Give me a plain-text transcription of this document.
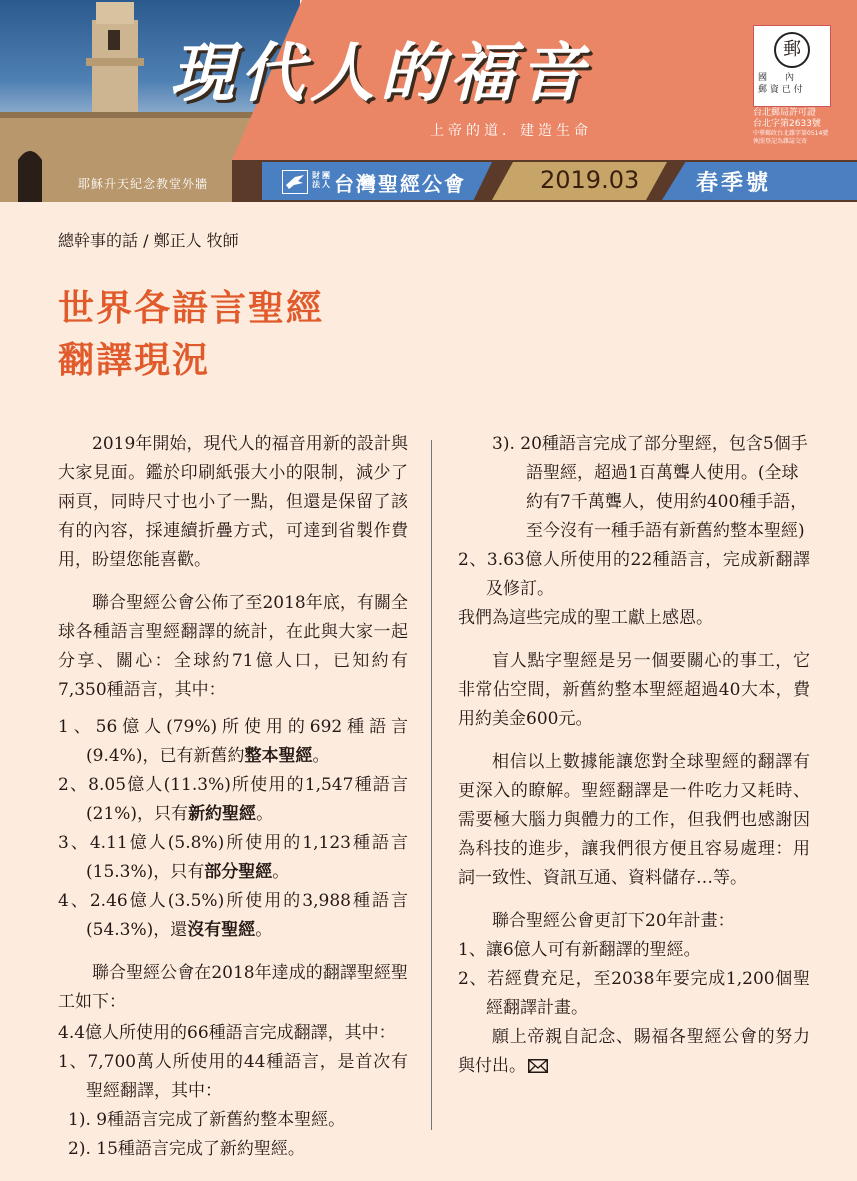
現代人的福音
上帝的道．建造生命
郵
國　　內
郵 資 已 付
台北郵局許可證
台北字第2633號
中華郵政台北雜字第0514號
執照登記為雜誌交寄
耶穌升天紀念教堂外牆
財團
法人 台灣聖經公會	2019.03	春季號
總幹事的話 / 鄭正人 牧師
世界各語言聖經
翻譯現況

2019年開始，現代人的福音用新的設計與大家見面。鑑於印刷紙張大小的限制，減少了兩頁，同時尺寸也小了一點，但還是保留了該有的內容，採連續折疊方式，可達到省製作費用，盼望您能喜歡。

聯合聖經公會公佈了至2018年底，有關全球各種語言聖經翻譯的統計，在此與大家一起分享、關心：全球約71億人口，已知約有7,350種語言，其中：

1、56億人(79%)所使用的692種語言(9.4%)，已有新舊約整本聖經。

2、8.05億人(11.3%)所使用的1,547種語言(21%)，只有新約聖經。

3、4.11億人(5.8%)所使用的1,123種語言(15.3%)，只有部分聖經。

4、2.46億人(3.5%)所使用的3,988種語言(54.3%)，還沒有聖經。

聯合聖經公會在2018年達成的翻譯聖經聖工如下：

4.4億人所使用的66種語言完成翻譯，其中：

1、7,700萬人所使用的44種語言，是首次有聖經翻譯，其中：

1). 9種語言完成了新舊約整本聖經。

2). 15種語言完成了新約聖經。

3). 20種語言完成了部分聖經，包含5個手語聖經，超過1百萬聾人使用。(全球約有7千萬聾人，使用約400種手語，至今沒有一種手語有新舊約整本聖經)

2、3.63億人所使用的22種語言，完成新翻譯及修訂。

我們為這些完成的聖工獻上感恩。

盲人點字聖經是另一個要關心的事工，它非常佔空間，新舊約整本聖經超過40大本，費用約美金600元。

相信以上數據能讓您對全球聖經的翻譯有更深入的瞭解。聖經翻譯是一件吃力又耗時、需要極大腦力與體力的工作，但我們也感謝因為科技的進步，讓我們很方便且容易處理：用詞一致性、資訊互通、資料儲存…等。

聯合聖經公會更訂下20年計畫：

1、讓6億人可有新翻譯的聖經。

2、若經費充足，至2038年要完成1,200個聖經翻譯計畫。

願上帝親自記念、賜福各聖經公會的努力與付出。
